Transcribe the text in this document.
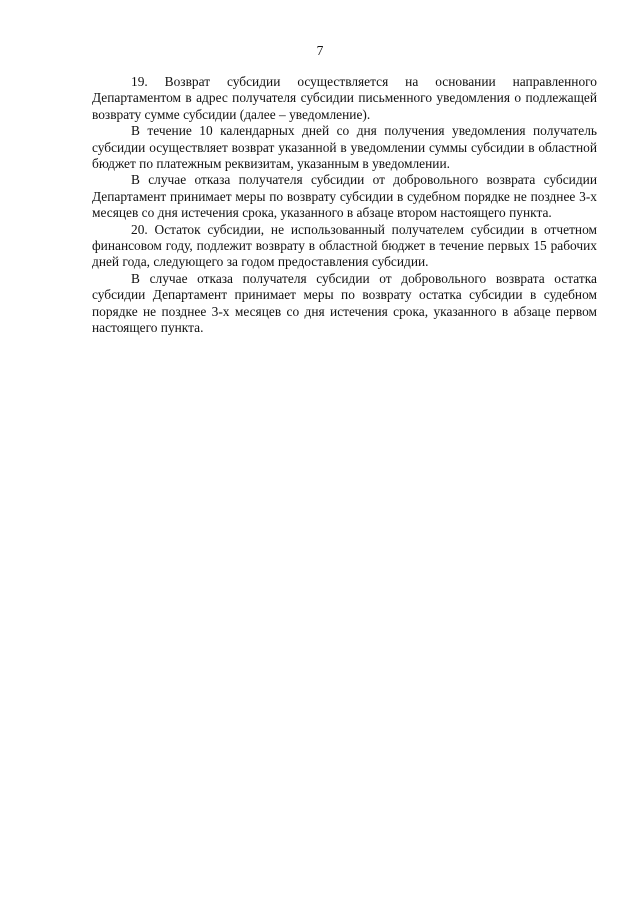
7

19. Возврат субсидии осуществляется на основании направленного Департаментом в адрес получателя субсидии письменного уведомления о подлежащей возврату сумме субсидии (далее – уведомление).

В течение 10 календарных дней со дня получения уведомления получатель субсидии осуществляет возврат указанной в уведомлении суммы субсидии в областной бюджет по платежным реквизитам, указанным в уведомлении.

В случае отказа получателя субсидии от добровольного возврата субсидии Департамент принимает меры по возврату субсидии в судебном порядке не позднее 3-х месяцев со дня истечения срока, указанного в абзаце втором настоящего пункта.

20. Остаток субсидии, не использованный получателем субсидии в отчетном финансовом году, подлежит возврату в областной бюджет в течение первых 15 рабочих дней года, следующего за годом предоставления субсидии.

В случае отказа получателя субсидии от добровольного возврата остатка субсидии Департамент принимает меры по возврату остатка субсидии в судебном порядке не позднее 3-х месяцев со дня истечения срока, указанного в абзаце первом настоящего пункта.
